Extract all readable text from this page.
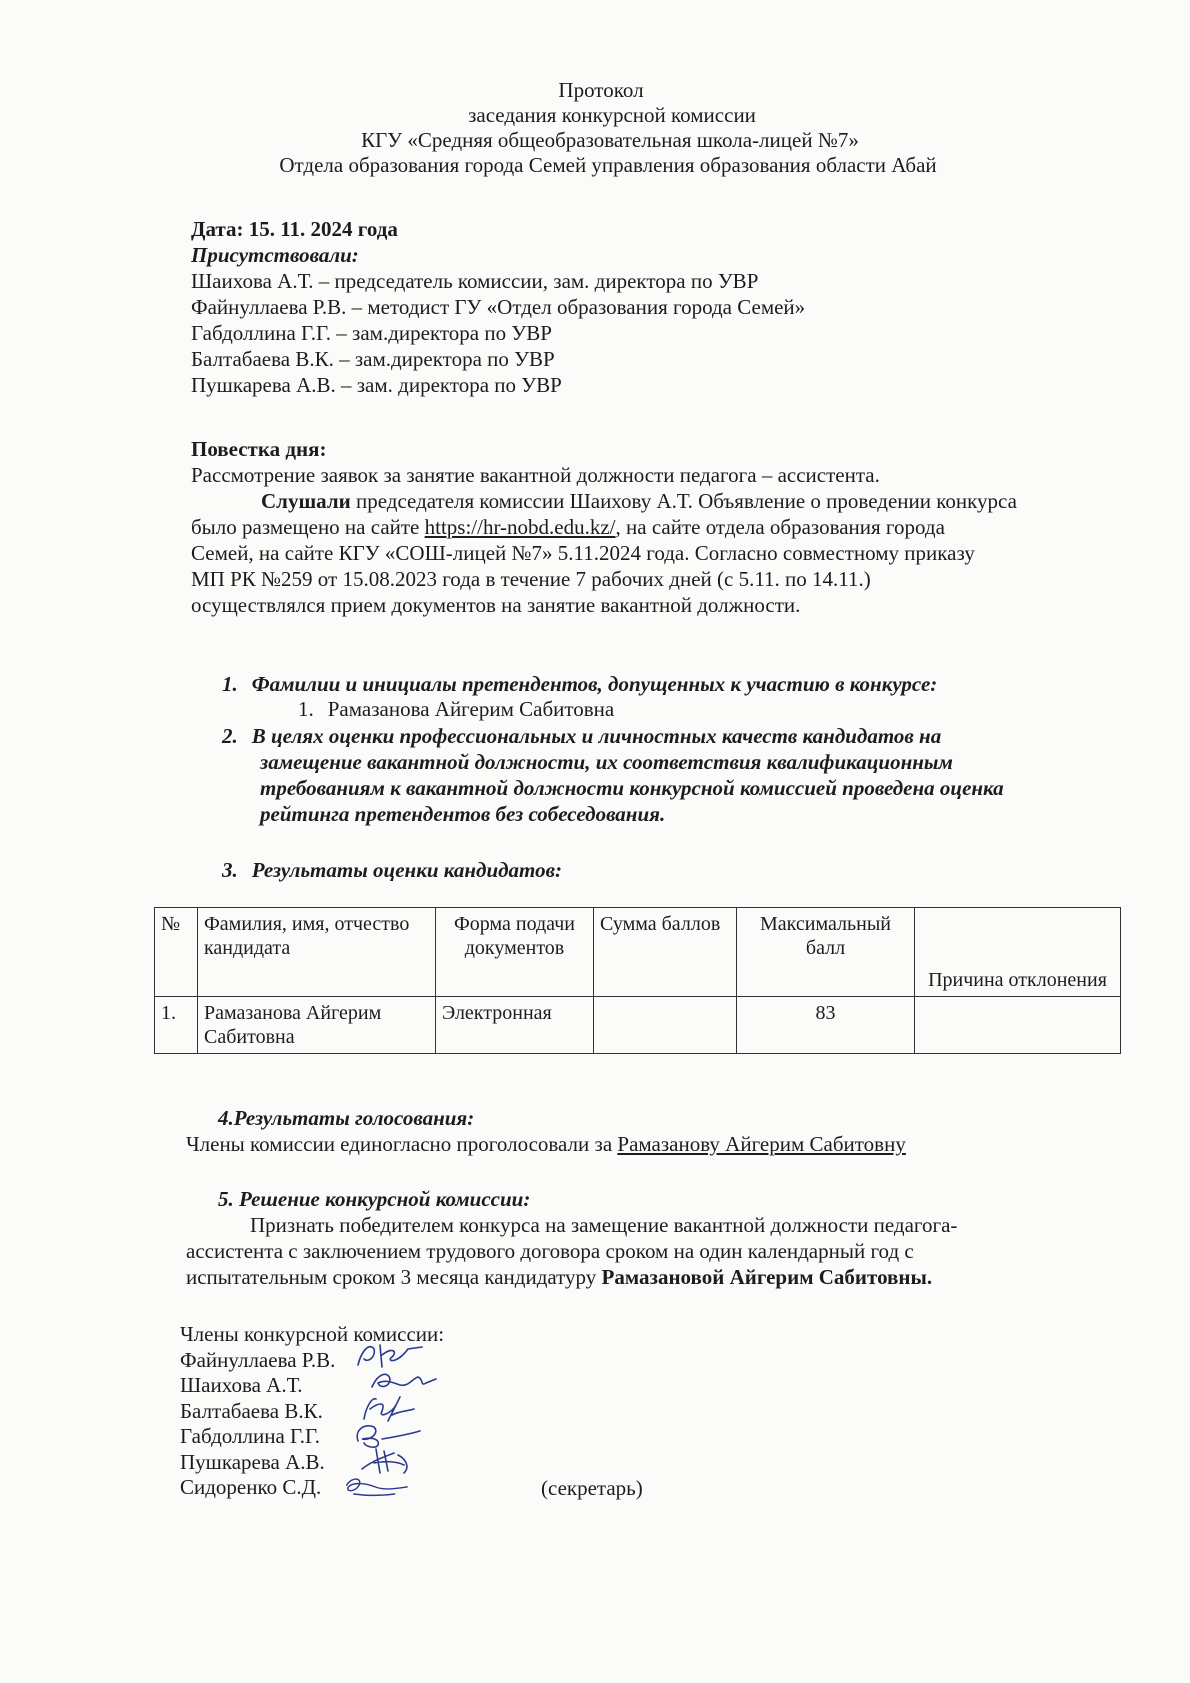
Протокол
заседания конкурсной комиссии
КГУ «Средняя общеобразовательная школа-лицей №7»
Отдела образования города Семей управления образования области Абай
Дата: 15. 11. 2024 года
Присутствовали:
Шаихова А.Т. – председатель комиссии, зам. директора по УВР
Файнуллаева Р.В. – методист ГУ «Отдел образования города Семей»
Габдоллина Г.Г. – зам.директора по УВР
Балтабаева В.К. – зам.директора по УВР
Пушкарева А.В. – зам. директора по УВР
Повестка дня:
Рассмотрение заявок за занятие вакантной должности педагога – ассистента.
Слушали председателя комиссии Шаихову А.Т. Объявление о проведении конкурса
было размещено на сайте https://hr-nobd.edu.kz/, на сайте отдела образования города
Семей, на сайте КГУ «СОШ-лицей №7» 5.11.2024 года. Согласно совместному приказу
МП РК №259 от 15.08.2023 года в течение 7 рабочих дней (с 5.11. по 14.11.)
осуществлялся прием документов на занятие вакантной должности.
1. Фамилии и инициалы претендентов, допущенных к участию в конкурсе:
1. Рамазанова Айгерим Сабитовна
2. В целях оценки профессиональных и личностных качеств кандидатов на
замещение вакантной должности, их соответствия квалификационным
требованиям к вакантной должности конкурсной комиссией проведена оценка
рейтинга претендентов без собеседования.
3. Результаты оценки кандидатов:
№	Фамилия, имя, отчество кандидата	Форма подачи документов	Сумма баллов	Максимальный балл	Причина отклонения
1.	Рамазанова Айгерим Сабитовна	Электронная		83	
4.Результаты голосования:
Члены комиссии единогласно проголосовали за Рамазанову Айгерим Сабитовну
5. Решение конкурсной комиссии:
Признать победителем конкурса на замещение вакантной должности педагога-
ассистента с заключением трудового договора сроком на один календарный год с
испытательным сроком 3 месяца кандидатуру Рамазановой Айгерим Сабитовны.
Члены конкурсной комиссии:
Файнуллаева Р.В.
Шаихова А.Т.
Балтабаева В.К.
Габдоллина Г.Г.
Пушкарева А.В.
Сидоренко С.Д.	(секретарь)
